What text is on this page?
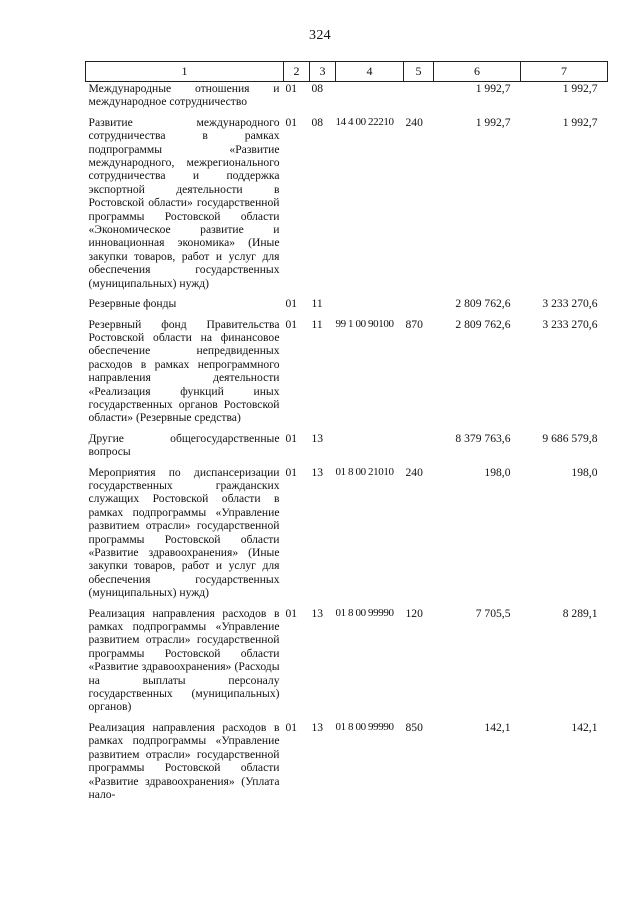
324
1	2	3	4	5	6	7
Международные отношения и международное сотрудничество	01	08			1 992,7	1 992,7
Развитие международного сотрудничества в рамках подпрограммы «Развитие международного, межрегионального сотрудничества и поддержка экспортной деятельности в Ростовской области» государственной программы Ростовской области «Экономическое развитие и инновационная экономика» (Иные закупки товаров, работ и услуг для обеспечения государственных (муниципальных) нужд)	01	08	14 4 00 22210	240	1 992,7	1 992,7
Резервные фонды	01	11			2 809 762,6	3 233 270,6
Резервный фонд Правительства Ростовской области на финансовое обеспечение непредвиденных расходов в рамках непрограммного направления деятельности «Реализация функций иных государственных органов Ростовской области» (Резервные средства)	01	11	99 1 00 90100	870	2 809 762,6	3 233 270,6
Другие общегосударственные вопросы	01	13			8 379 763,6	9 686 579,8
Мероприятия по диспансеризации государственных гражданских служащих Ростовской области в рамках подпрограммы «Управление развитием отрасли» государственной программы Ростовской области «Развитие здравоохранения» (Иные закупки товаров, работ и услуг для обеспечения государственных (муниципальных) нужд)	01	13	01 8 00 21010	240	198,0	198,0
Реализация направления расходов в рамках подпрограммы «Управление развитием отрасли» государственной программы Ростовской области «Развитие здравоохранения» (Расходы на выплаты персоналу государственных (муниципальных) органов)	01	13	01 8 00 99990	120	7 705,5	8 289,1
Реализация направления расходов в рамках подпрограммы «Управление развитием отрасли» государственной программы Ростовской области «Развитие здравоохранения» (Уплата нало-	01	13	01 8 00 99990	850	142,1	142,1
